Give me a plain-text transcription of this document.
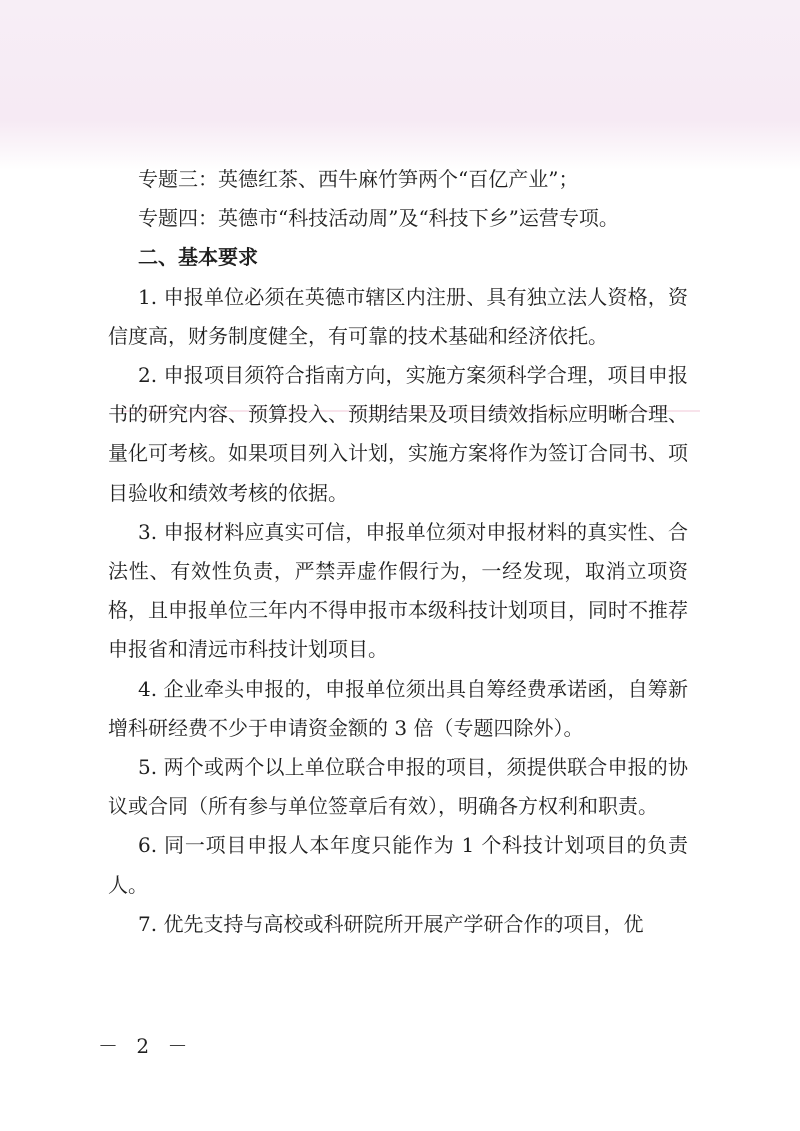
专题三：英德红茶、西牛麻竹笋两个“百亿产业”；

专题四：英德市“科技活动周”及“科技下乡”运营专项。

二、基本要求

1. 申报单位必须在英德市辖区内注册、具有独立法人资格，资信度高，财务制度健全，有可靠的技术基础和经济依托。

2. 申报项目须符合指南方向，实施方案须科学合理，项目申报书的研究内容、预算投入、预期结果及项目绩效指标应明晰合理、量化可考核。如果项目列入计划，实施方案将作为签订合同书、项目验收和绩效考核的依据。

3. 申报材料应真实可信，申报单位须对申报材料的真实性、合法性、有效性负责，严禁弄虚作假行为，一经发现，取消立项资格，且申报单位三年内不得申报市本级科技计划项目，同时不推荐申报省和清远市科技计划项目。

4. 企业牵头申报的，申报单位须出具自筹经费承诺函，自筹新增科研经费不少于申请资金额的 3 倍（专题四除外）。

5. 两个或两个以上单位联合申报的项目，须提供联合申报的协议或合同（所有参与单位签章后有效），明确各方权利和职责。

6. 同一项目申报人本年度只能作为 1 个科技计划项目的负责人。

7. 优先支持与高校或科研院所开展产学研合作的项目，优

－ 2 －
